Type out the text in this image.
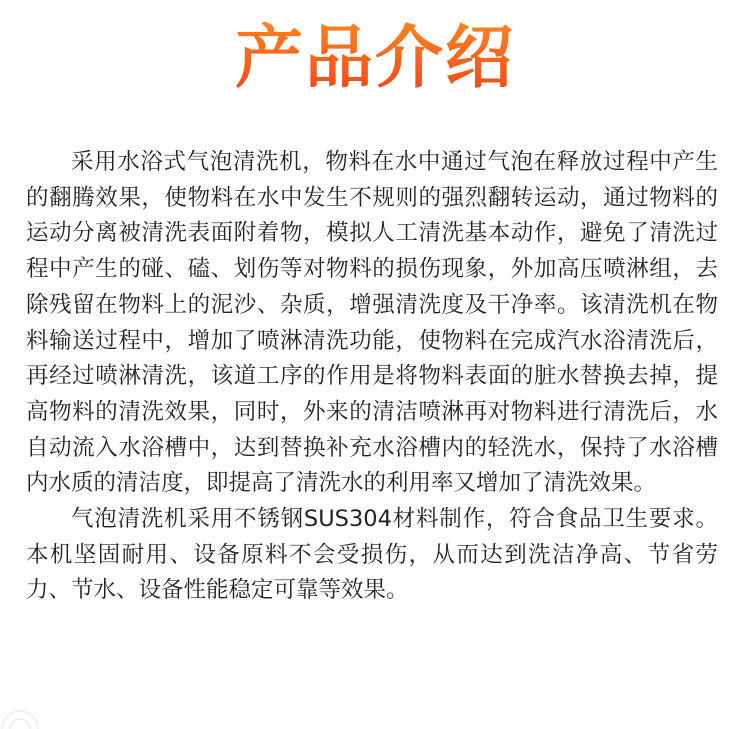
产品介绍

采用水浴式气泡清洗机，物料在水中通过气泡在释放过程中产生的翻腾效果，使物料在水中发生不规则的强烈翻转运动，通过物料的运动分离被清洗表面附着物，模拟人工清洗基本动作，避免了清洗过程中产生的碰、磕、划伤等对物料的损伤现象，外加高压喷淋组，去除残留在物料上的泥沙、杂质，增强清洗度及干净率。该清洗机在物料输送过程中，增加了喷淋清洗功能，使物料在完成汽水浴清洗后，再经过喷淋清洗，该道工序的作用是将物料表面的脏水替换去掉，提高物料的清洗效果，同时，外来的清洁喷淋再对物料进行清洗后，水自动流入水浴槽中，达到替换补充水浴槽内的轻洗水，保持了水浴槽内水质的清洁度，即提高了清洗水的利用率又增加了清洗效果。

气泡清洗机采用不锈钢SUS304材料制作，符合食品卫生要求。本机坚固耐用、设备原料不会受损伤，从而达到洗洁净高、节省劳力、节水、设备性能稳定可靠等效果。
